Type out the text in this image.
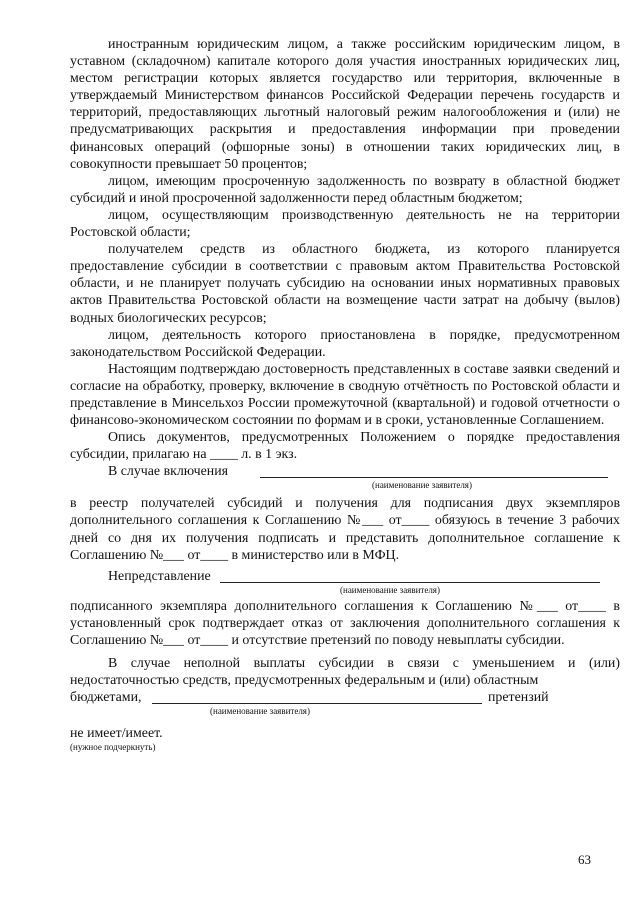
иностранным юридическим лицом, а также российским юридическим лицом, в уставном (складочном) капитале которого доля участия иностранных юридических лиц, местом регистрации которых является государство или территория, включенные в утверждаемый Министерством финансов Российской Федерации перечень государств и территорий, предоставляющих льготный налоговый режим налогообложения и (или) не предусматривающих раскрытия и предоставления информации при проведении финансовых операций (офшорные зоны) в отношении таких юридических лиц, в совокупности превышает 50 процентов;

лицом, имеющим просроченную задолженность по возврату в областной бюджет субсидий и иной просроченной задолженности перед областным бюджетом;

лицом, осуществляющим производственную деятельность не на территории Ростовской области;

получателем средств из областного бюджета, из которого планируется предоставление субсидии в соответствии с правовым актом Правительства Ростовской области, и не планирует получать субсидию на основании иных нормативных правовых актов Правительства Ростовской области на возмещение части затрат на добычу (вылов) водных биологических ресурсов;

лицом, деятельность которого приостановлена в порядке, предусмотренном законодательством Российской Федерации.

Настоящим подтверждаю достоверность представленных в составе заявки сведений и согласие на обработку, проверку, включение в сводную отчётность по Ростовской области и представление в Минсельхоз России промежуточной (квартальной) и годовой отчетности о финансово-экономическом состоянии по формам и в сроки, установленные Соглашением.

Опись документов, предусмотренных Положением о порядке предоставления субсидии, прилагаю на ____ л. в 1 экз.

В случае включения
(наименование заявителя)

в реестр получателей субсидий и получения для подписания двух экземпляров дополнительного соглашения к Соглашению №___ от____ обязуюсь в течение 3 рабочих дней со дня их получения подписать и представить дополнительное соглашение к Соглашению №___ от____ в министерство или в МФЦ.

Непредставление
(наименование заявителя)

подписанного экземпляра дополнительного соглашения к Соглашению №___ от____ в установленный срок подтверждает отказ от заключения дополнительного соглашения к Соглашению №___ от____ и отсутствие претензий по поводу невыплаты субсидии.

В случае неполной выплаты субсидии в связи с уменьшением и (или) недостаточностью средств, предусмотренных федеральным и (или) областным

бюджетами,	претензий
(наименование заявителя)

не имеет/имеет.

(нужное подчеркнуть)
63
